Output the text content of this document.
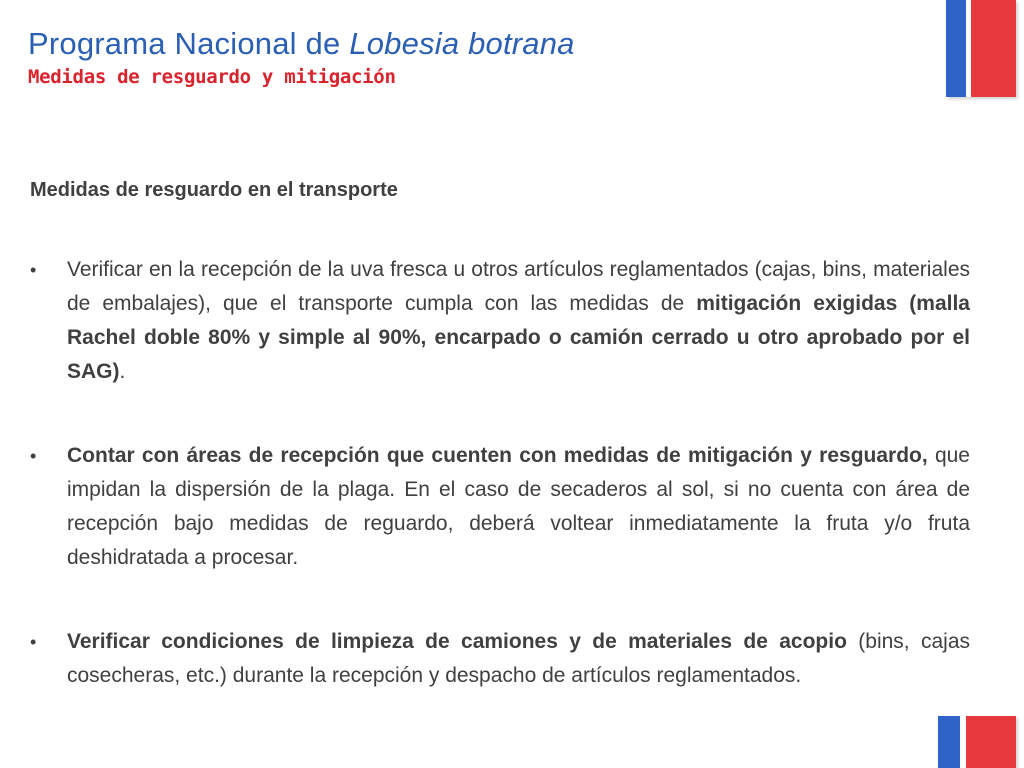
Programa Nacional de Lobesia botrana
Medidas de resguardo y mitigación
Medidas de resguardo en el transporte
•	Verificar en la recepción de la uva fresca u otros artículos reglamentados (cajas, bins, materiales de embalajes), que el transporte cumpla con las medidas de mitigación exigidas (malla Rachel doble 80% y simple al 90%, encarpado o camión cerrado u otro aprobado por el SAG).
•	Contar con áreas de recepción que cuenten con medidas de mitigación y resguardo, que impidan la dispersión de la plaga. En el caso de secaderos al sol, si no cuenta con área de recepción bajo medidas de reguardo, deberá voltear inmediatamente la fruta y/o fruta deshidratada a procesar.
•	Verificar condiciones de limpieza de camiones y de materiales de acopio (bins, cajas cosecheras, etc.) durante la recepción y despacho de artículos reglamentados.
